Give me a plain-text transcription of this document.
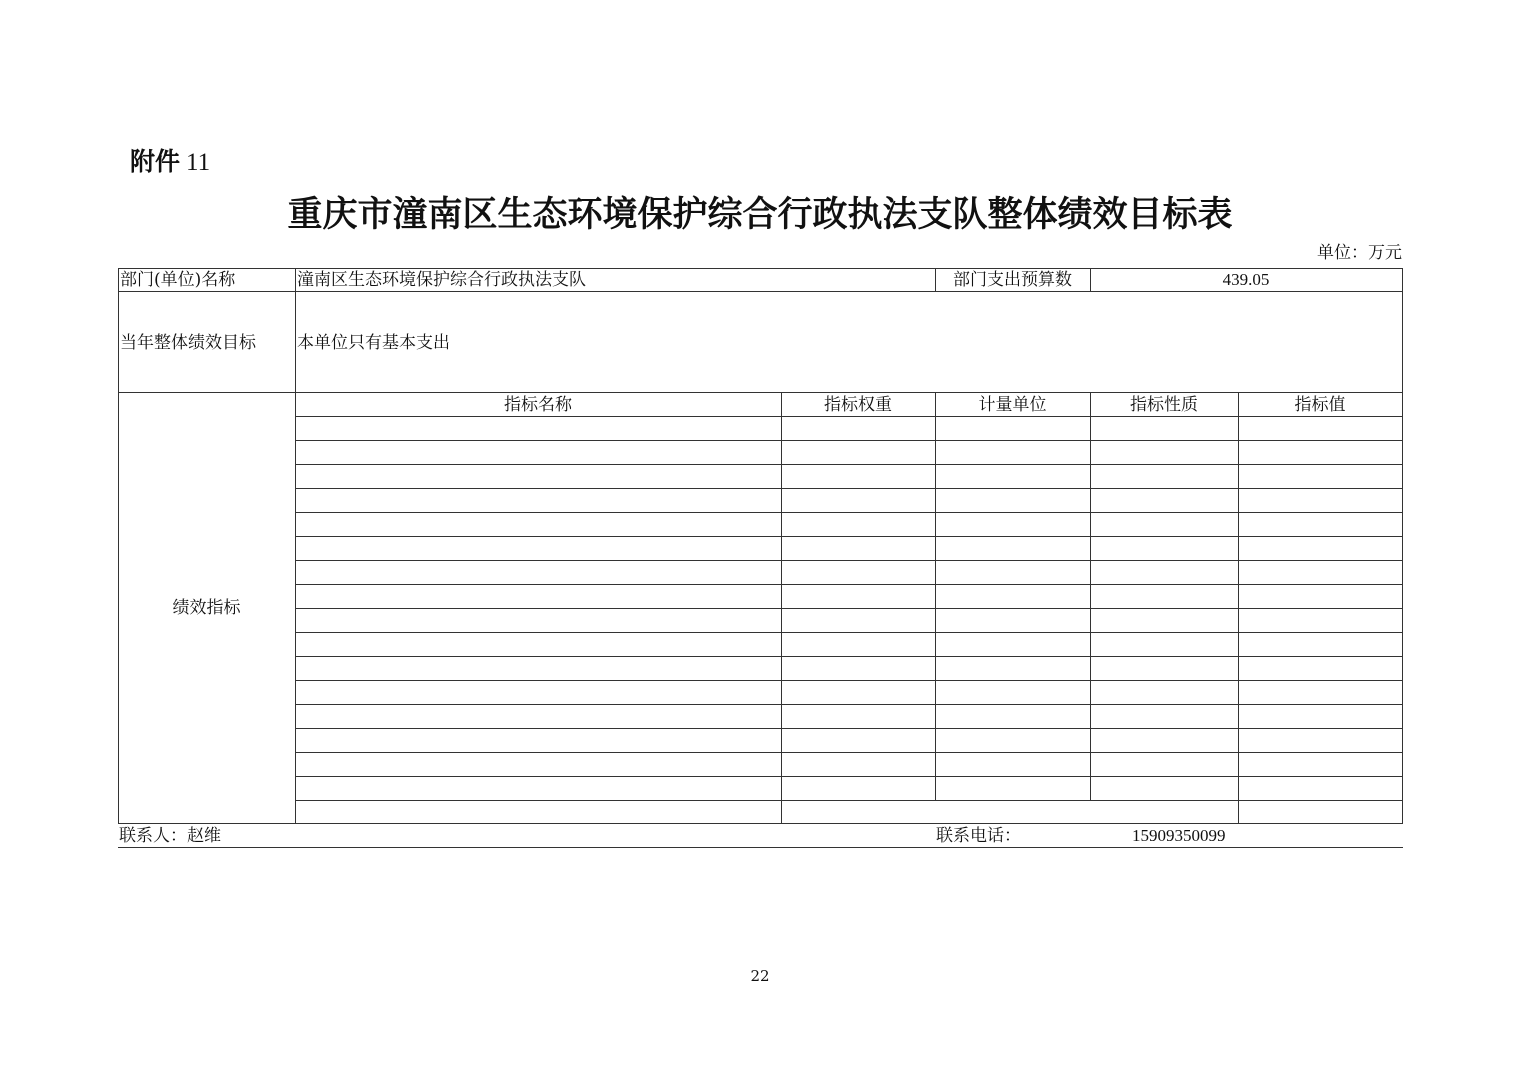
附件 11
重庆市潼南区生态环境保护综合行政执法支队整体绩效目标表
单位：万元
部门(单位)名称	潼南区生态环境保护综合行政执法支队	部门支出预算数	439.05
当年整体绩效目标	本单位只有基本支出
绩效指标
指标名称	指标权重	计量单位	指标性质	指标值
联系人：赵维	联系电话：	15909350099
22
